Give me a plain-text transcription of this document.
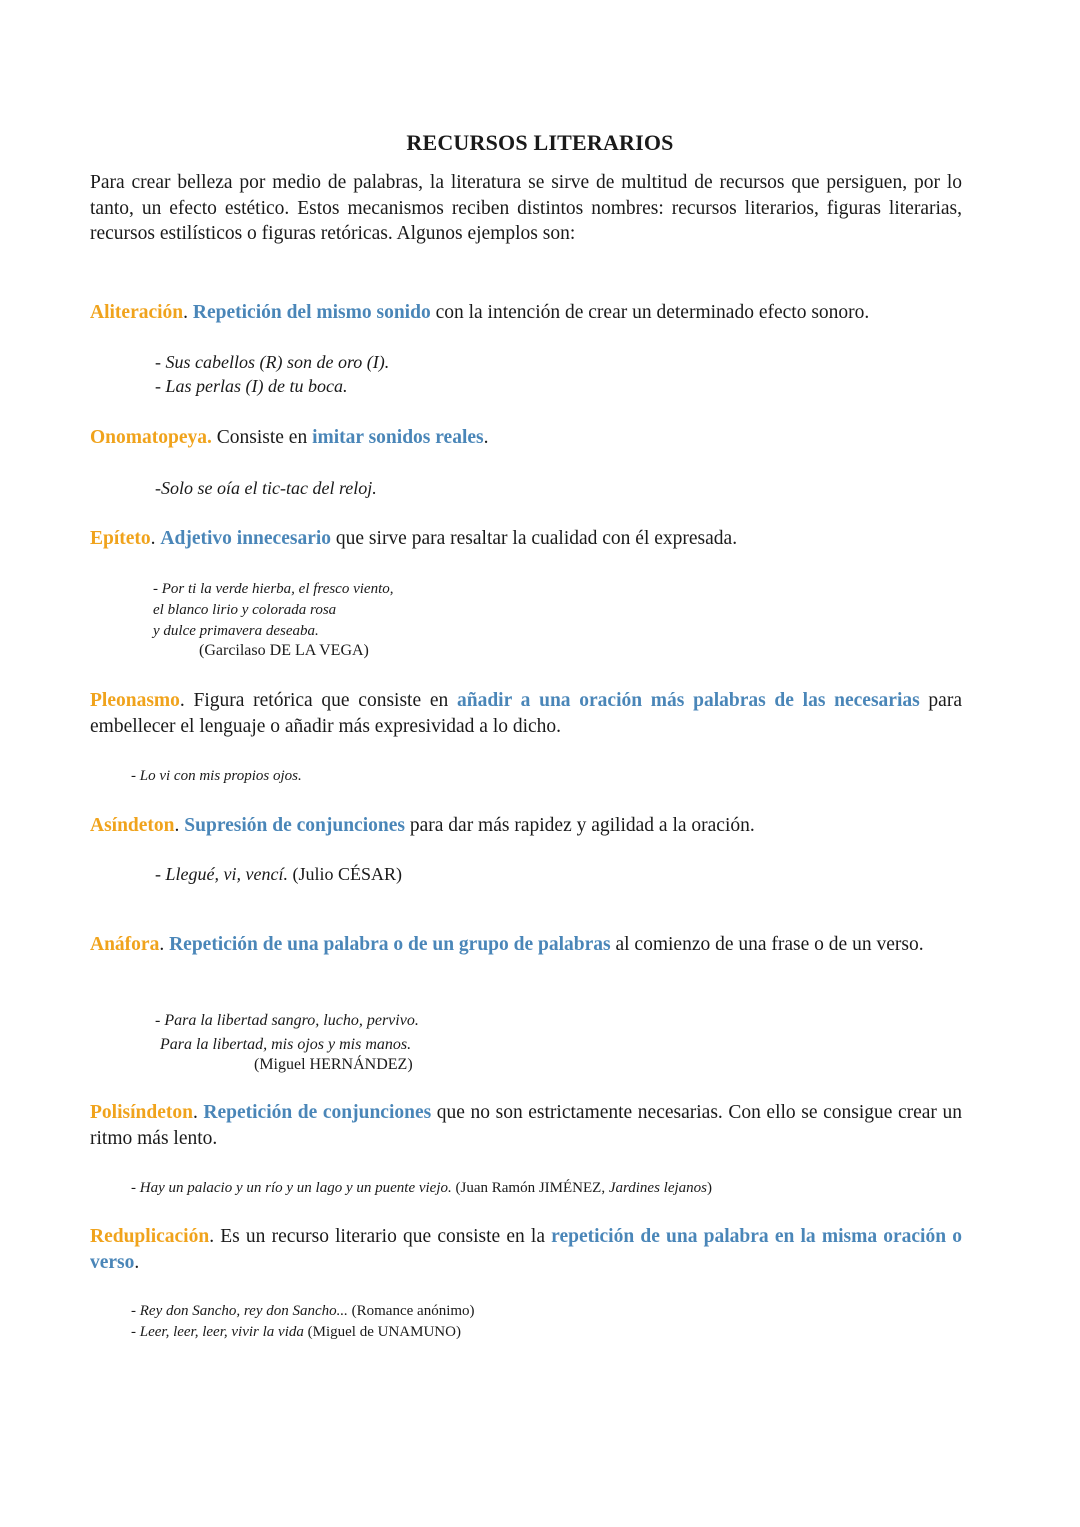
RECURSOS LITERARIOS

Para crear belleza por medio de palabras, la literatura se sirve de multitud de recursos que persiguen, por lo tanto, un efecto estético. Estos mecanismos reciben distintos nombres: recursos literarios, figuras literarias, recursos estilísticos o figuras retóricas. Algunos ejemplos son:

Aliteración. Repetición del mismo sonido con la intención de crear un determinado efecto sonoro.

- Sus cabellos (R) son de oro (I).
- Las perlas (I) de tu boca.

Onomatopeya. Consiste en imitar sonidos reales.

-Solo se oía el tic-tac del reloj.

Epíteto. Adjetivo innecesario que sirve para resaltar la cualidad con él expresada.

- Por ti la verde hierba, el fresco viento,
el blanco lirio y colorada rosa
y dulce primavera deseaba.

(Garcilaso DE LA VEGA)

Pleonasmo. Figura retórica que consiste en añadir a una oración más palabras de las necesarias para embellecer el lenguaje o añadir más expresividad a lo dicho.

- Lo vi con mis propios ojos.

Asíndeton. Supresión de conjunciones para dar más rapidez y agilidad a la oración.

- Llegué, vi, vencí. (Julio CÉSAR)

Anáfora. Repetición de una palabra o de un grupo de palabras al comienzo de una frase o de un verso.

- Para la libertad sangro, lucho, pervivo.
Para la libertad, mis ojos y mis manos.

(Miguel HERNÁNDEZ)

Polisíndeton. Repetición de conjunciones que no son estrictamente necesarias. Con ello se consigue crear un ritmo más lento.

- Hay un palacio y un río y un lago y un puente viejo. (Juan Ramón JIMÉNEZ, Jardines lejanos)

Reduplicación. Es un recurso literario que consiste en la repetición de una palabra en la misma oración o verso.

- Rey don Sancho, rey don Sancho... (Romance anónimo)
- Leer, leer, leer, vivir la vida (Miguel de UNAMUNO)
